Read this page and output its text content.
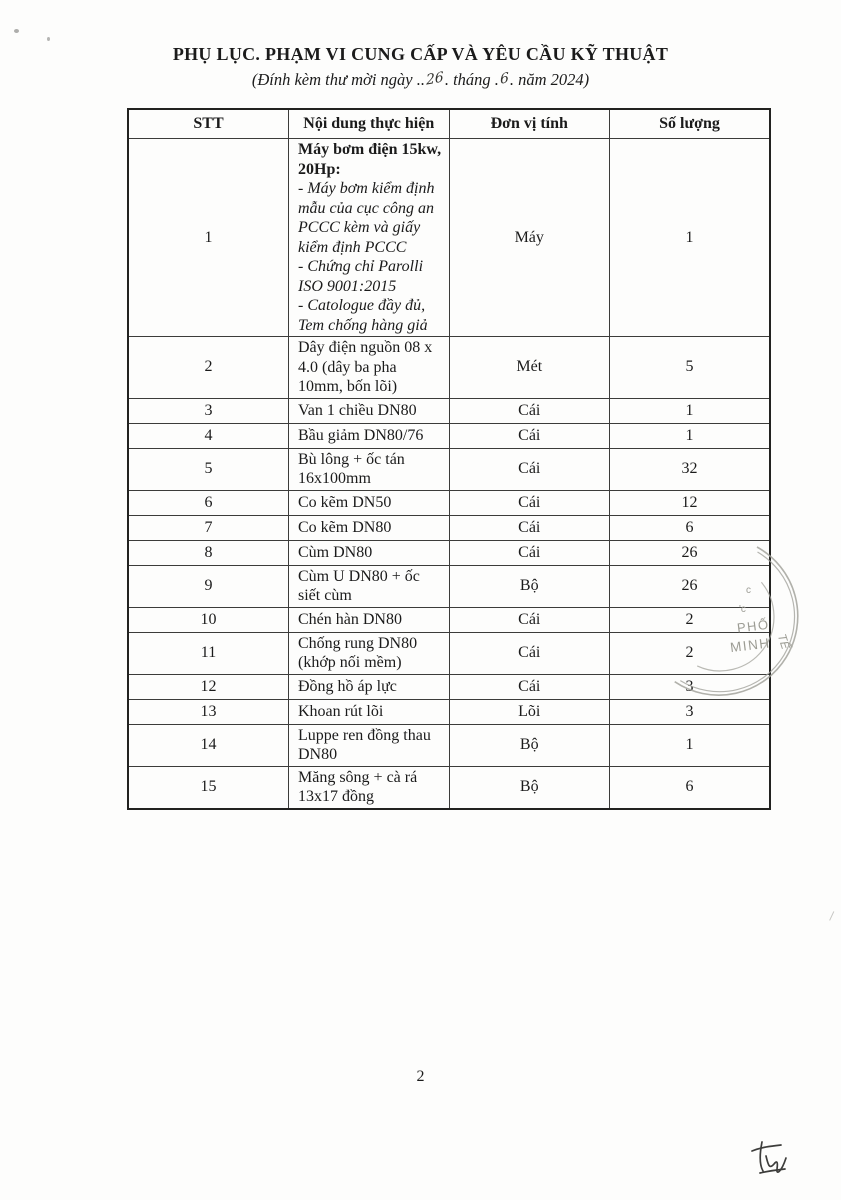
PHỤ LỤC. PHẠM VI CUNG CẤP VÀ YÊU CẦU KỸ THUẬT
(Đính kèm thư mời ngày ..26. tháng .6. năm 2024)
STT	Nội dung thực hiện	Đơn vị tính	Số lượng
1	Máy bơm điện 15kw, 20Hp:
- Máy bơm kiểm định mẫu của cục công an PCCC kèm và giấy kiểm định PCCC
- Chứng chỉ Parolli ISO 9001:2015
- Catologue đầy đủ, Tem chống hàng giả	Máy	1
2	Dây điện nguồn 08 x 4.0 (dây ba pha 10mm, bốn lõi)	Mét	5
3	Van 1 chiều DN80	Cái	1
4	Bầu giảm DN80/76	Cái	1
5	Bù lông + ốc tán 16x100mm	Cái	32
6	Co kẽm DN50	Cái	12
7	Co kẽm DN80	Cái	6
8	Cùm DN80	Cái	26
9	Cùm U DN80 + ốc siết cùm	Bộ	26
10	Chén hàn DN80	Cái	2
11	Chống rung DN80 (khớp nối mềm)	Cái	2
12	Đồng hồ áp lực	Cái	3
13	Khoan rút lõi	Lõi	3
14	Luppe ren đồng thau DN80	Bộ	1
15	Măng sông + cà rá 13x17 đồng	Bộ	6
c
'c
PHỐ
MINH TẾ
2
